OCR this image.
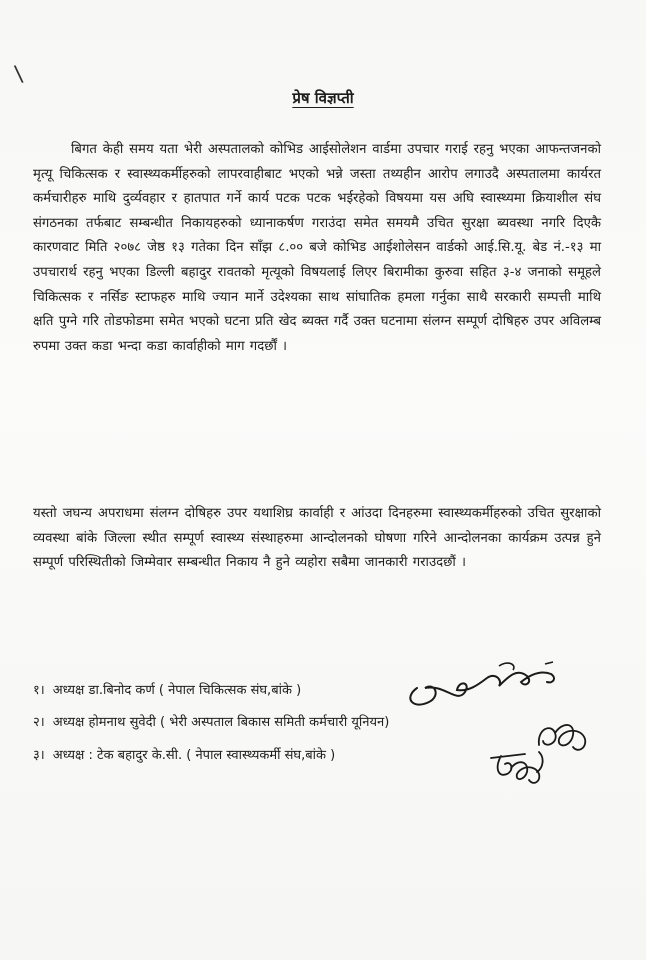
\
प्रेष विज्ञप्ती
बिगत केही समय यता भेरी अस्पतालको कोभिड आईसोलेशन वार्डमा उपचार गराई रहनु भएका आफन्तजनको मृत्यू चिकित्सक र स्वास्थ्यकर्मीहरुको लापरवाहीबाट भएको भन्ने जस्ता तथ्यहीन आरोप लगाउदै अस्पतालमा कार्यरत कर्मचारीहरु माथि दुर्व्यवहार र हातपात गर्ने कार्य पटक पटक भईरहेको विषयमा यस अघि स्वास्थ्यमा क्रियाशील संघ संगठनका तर्फबाट सम्बन्धीत निकायहरुको ध्यानाकर्षण गराउंदा समेत समयमै उचित सुरक्षा ब्यवस्था नगरि दिएकै कारणवाट मिति २०७८ जेष्ठ १३ गतेका दिन साँझ ८.०० बजे कोभिड आईशोलेसन वार्डको आई.सि.यू. बेड नं.-१३ मा उपचारार्थ रहनु भएका डिल्ली बहादुर रावतको मृत्यूको विषयलाई लिएर बिरामीका कुरुवा सहित ३-४ जनाको समूहले चिकित्सक र नर्सिङ स्टाफहरु माथि ज्यान मार्ने उदेश्यका साथ सांघातिक हमला गर्नुका साथै सरकारी सम्पत्ती माथि क्षति पुग्ने गरि तोडफोडमा समेत भएको घटना प्रति खेद ब्यक्त गर्दै उक्त घटनामा संलग्न सम्पूर्ण दोषिहरु उपर अविलम्ब रुपमा उक्त कडा भन्दा कडा कार्वाहीको माग गदर्छौं ।
यस्तो जघन्य अपराधमा संलग्न दोषिहरु उपर यथाशिघ्र कार्वाही र आंउदा दिनहरुमा स्वास्थ्यकर्मीहरुको उचित सुरक्षाको व्यवस्था बांके जिल्ला स्थीत सम्पूर्ण स्वास्थ्य संस्थाहरुमा आन्दोलनको घोषणा गरिने आन्दोलनका कार्यक्रम उत्पन्न हुने सम्पूर्ण परिस्थितीको जिम्मेवार सम्बन्धीत निकाय नै हुने व्यहोरा सबैमा जानकारी गराउदछौं ।
१। अध्यक्ष डा.बिनोद कर्ण ( नेपाल चिकित्सक संघ,बांके )
२। अध्यक्ष होमनाथ सुवेदी ( भेरी अस्पताल बिकास समिती कर्मचारी यूनियन)
३। अध्यक्ष : टेक बहादुर के.सी. ( नेपाल स्वास्थ्यकर्मी संघ,बांके )
